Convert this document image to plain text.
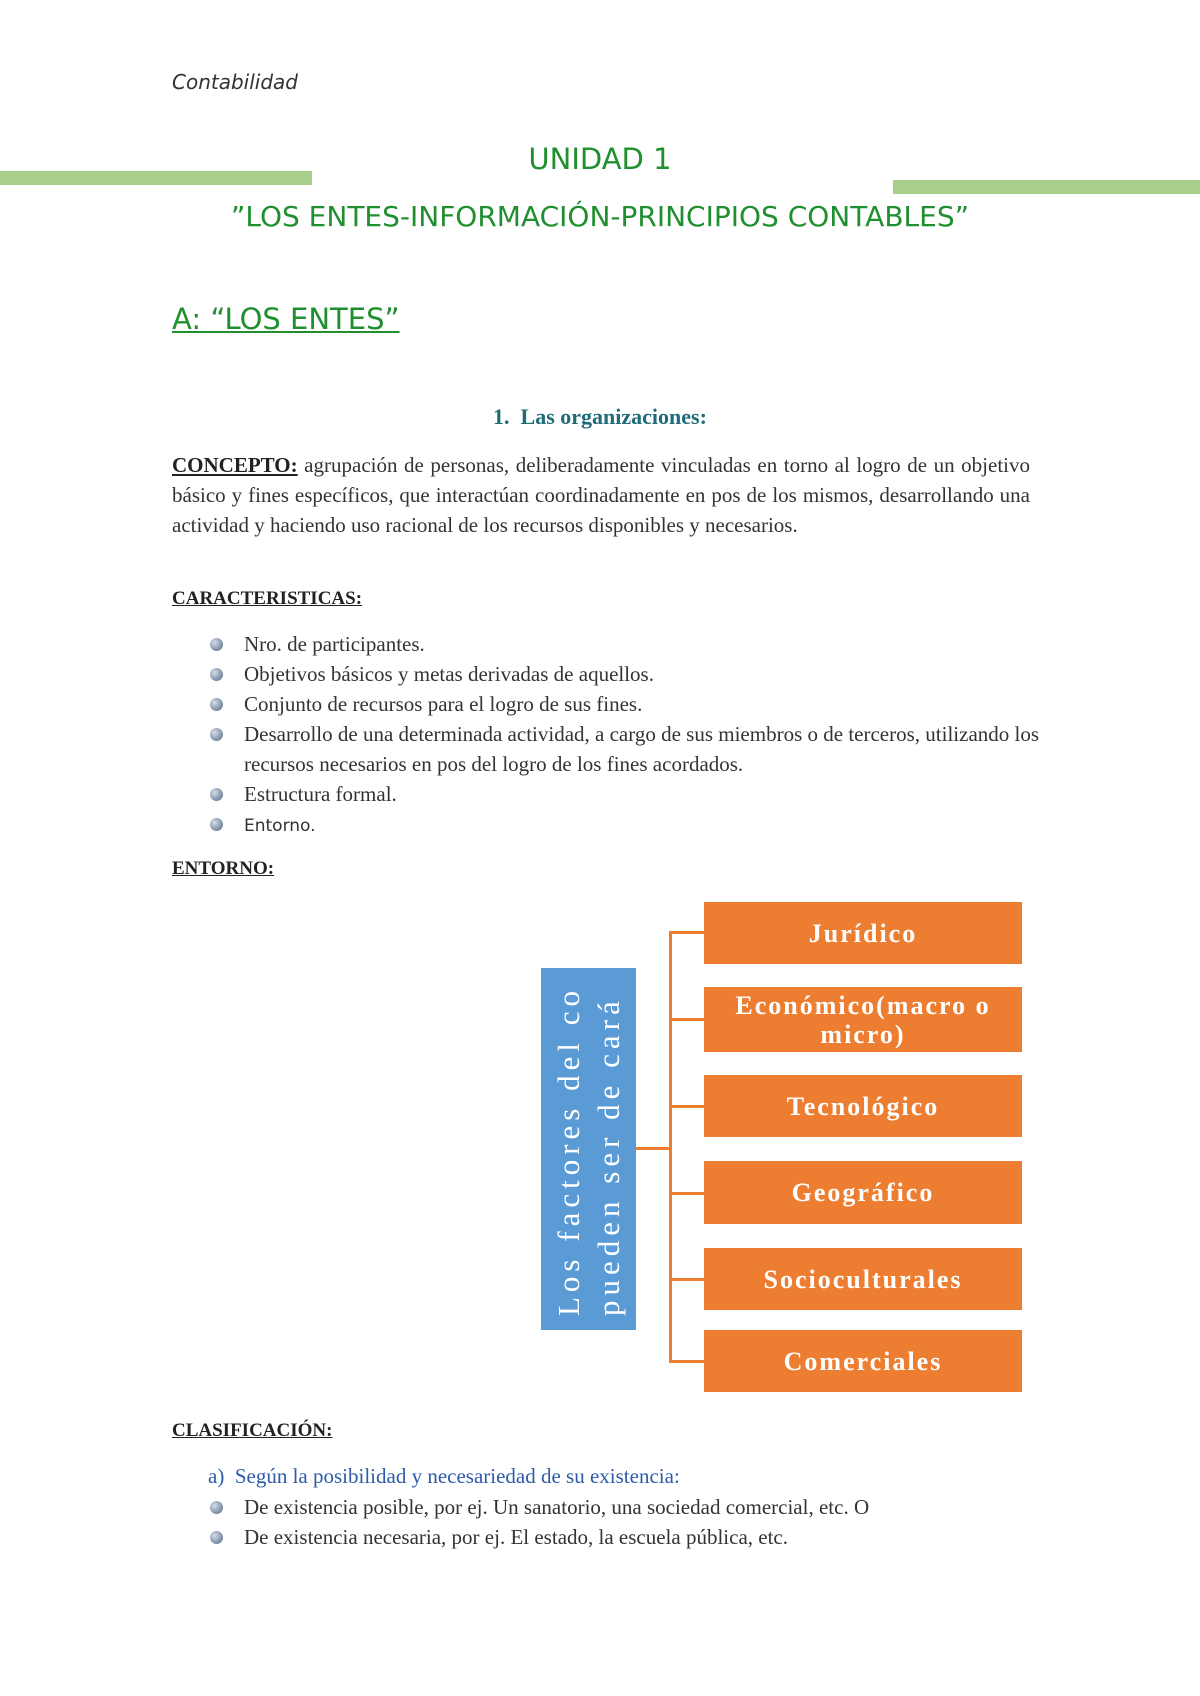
Contabilidad
UNIDAD 1
”LOS ENTES-INFORMACIÓN-PRINCIPIOS CONTABLES”
A: “LOS ENTES”
1. Las organizaciones:
CONCEPTO: agrupación de personas, deliberadamente vinculadas en torno al logro de un objetivo básico y fines específicos, que interactúan coordinadamente en pos de los mismos, desarrollando una actividad y haciendo uso racional de los recursos disponibles y necesarios.
CARACTERISTICAS:
Nro. de participantes.
Objetivos básicos y metas derivadas de aquellos.
Conjunto de recursos para el logro de sus fines.
Desarrollo de una determinada actividad, a cargo de sus miembros o de terceros, utilizando los recursos necesarios en pos del logro de los fines acordados.
Estructura formal.
Entorno.
ENTORNO:
Los factores del co pueden ser de cará
Jurídico
Económico(macro o micro)
Tecnológico
Geográfico
Socioculturales
Comerciales
CLASIFICACIÓN:
a) Según la posibilidad y necesariedad de su existencia:
De existencia posible, por ej. Un sanatorio, una sociedad comercial, etc. O
De existencia necesaria, por ej. El estado, la escuela pública, etc.
